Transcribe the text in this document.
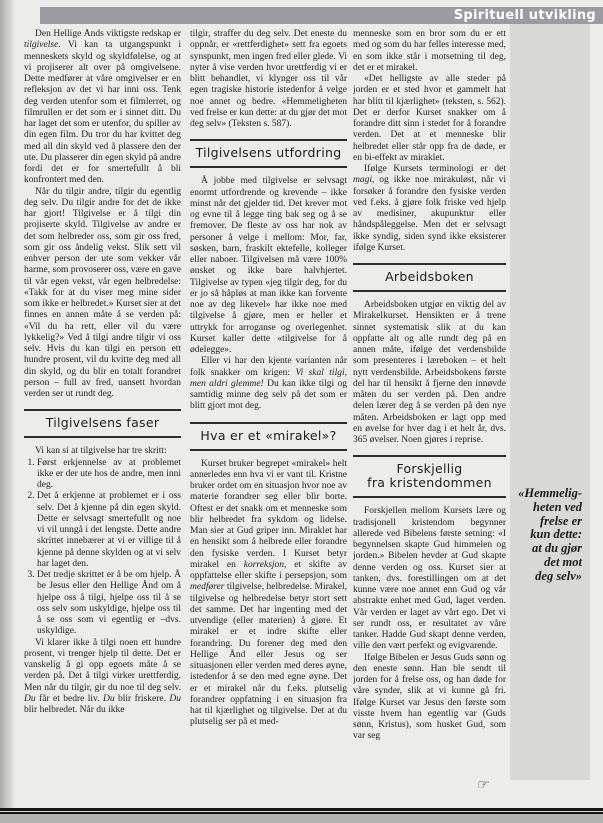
Spirituell utvikling

Den Hellige Ånds viktigste redskap er tilgivelse. Vi kan ta utgangspunkt i menneskets skyld og skyldfølelse, og at vi projiserer alt over på omgivelsene. Dette medfører at våre omgivelser er en refleksjon av det vi har inni oss. Tenk deg verden utenfor som et filmlerret, og filmrullen er det som er i sinnet ditt. Du har laget det som er utenfor, du spiller av din egen film. Du tror du har kvittet deg med all din skyld ved å plassere den der ute. Du plasserer din egen skyld på andre fordi det er for smertefullt å bli konfrontert med den.

Når du tilgir andre, tilgir du egentlig deg selv. Du tilgir andre for det de ikke har gjort! Tilgivelse er å tilgi din projiserte skyld. Tilgivelse av andre er det som helbreder oss, som gir oss fred, som gir oss åndelig vekst. Slik sett vil enhver person der ute som vekker vår harme, som provoserer oss, være en gave til vår egen vekst, vår egen helbredelse: «Takk for at du viser meg mine sider som ikke er helbredet.» Kurset sier at det finnes en annen måte å se verden på: «Vil du ha rett, eller vil du være lykkelig?» Ved å tilgi andre tilgir vi oss selv. Hvis du kan tilgi en person ett hundre prosent, vil du kvitte deg med all din skyld, og du blir en totalt forandret person – full av fred, uansett hvordan verden ser ut rundt deg.

Tilgivelsens faser

Vi kan si at tilgivelse har tre skritt:

1. Først erkjennelse av at problemet ikke er der ute hos de andre, men inni deg.
2. Det å erkjenne at problemet er i oss selv. Det å kjenne på din egen skyld. Dette er selvsagt smertefullt og noe vi vil unngå i det lengste. Dette andre skrittet innebærer at vi er villige til å kjenne på denne skylden og at vi selv har laget den.
3. Det tredje skrittet er å be om hjelp. Å be Jesus eller den Hellige Ånd om å hjelpe oss å tilgi, hjelpe oss til å se oss selv som uskyldige, hjelpe oss til å se oss som vi egentlig er –dvs. uskyldige.

Vi klarer ikke å tilgi noen ett hundre prosent, vi trenger hjelp til dette. Det er vanskelig å gi opp egoets måte å se verden på. Det å tilgi virker urettferdig. Men når du tilgir, gir du noe til deg selv. Du får et bedre liv. Du blir friskere. Du blir helbredet. Når du ikke

tilgir, straffer du deg selv. Det eneste du oppnår, er «rettferdighet» sett fra egoets synspunkt, men ingen fred eller glede. Vi nyter å vise verden hvor urettferdig vi er blitt behandlet, vi klynger oss til vår egen tragiske historie istedenfor å velge noe annet og bedre. «Hemmeligheten ved frelse er kun dette: at du gjør det mot deg selv» (Teksten s. 587).

Tilgivelsens utfordring

Å jobbe med tilgivelse er selvsagt enormt utfordrende og krevende – ikke minst når det gjelder tid. Det krever mot og evne til å legge ting bak seg og å se fremover. De fleste av oss har nok av personer å velge i mellom: Mor, far, søsken, barn, fraskilt ektefelle, kolleger eller naboer. Tilgivelsen må være 100% ønsket og ikke bare halvhjertet. Tilgivelse av typen «jeg tilgir deg, for du er jo så håpløs at man ikke kan forvente noe av deg likevel» har ikke noe med tilgivelse å gjøre, men er heller et uttrykk for arroganse og overlegenhet. Kurset kaller dette «tilgivelse for å ødelegge».

Eller vi har den kjente varianten når folk snakker om krigen: Vi skal tilgi, men aldri glemme! Du kan ikke tilgi og samtidig minne deg selv på det som er blitt gjort mot deg.

Hva er et «mirakel»?

Kurset bruker begrepet «mirakel» helt annerledes enn hva vi er vant til. Kristne bruker ordet om en situasjon hvor noe av materie forandrer seg eller blir borte. Oftest er det snakk om et menneske som blir helbredet fra sykdom og lidelse. Man sier at Gud griper inn. Miraklet har en hensikt som å helbrede eller forandre den fysiske verden. I Kurset betyr mirakel en korreksjon, et skifte av oppfattelse eller skifte i persepsjon, som medfører tilgivelse, helbredelse. Mirakel, tilgivelse og helbredelse betyr stort sett det samme. Det har ingenting med det utvendige (eller materien) å gjøre. Et mirakel er et indre skifte eller forandring. Du forener deg med den Hellige Ånd eller Jesus og ser situasjonen eller verden med deres øyne, istedenfor å se den med egne øyne. Det er et mirakel når du f.eks. plutselig forandrer oppfatning i en situasjon fra hat til kjærlighet og tilgivelse. Det at du plutselig ser på et med-

menneske som en bror som du er ett med og som du har felles interesse med, en som ikke står i motsetning til deg, det er et mirakel.

«Det helligste av alle steder på jorden er et sted hvor et gammelt hat har blitt til kjærlighet» (teksten, s. 562). Det er derfor Kurset snakker om å forandre ditt sinn i stedet for å forandre verden. Det at et menneske blir helbredet eller står opp fra de døde, er en bi-effekt av miraklet.

Ifølge Kursets terminologi er det magi, og ikke noe mirakuløst, når vi forsøker å forandre den fysiske verden ved f.eks. å gjøre folk friske ved hjelp av medisiner, akupunktur eller håndspåleggelse. Men det er selvsagt ikke syndig, siden synd ikke eksisterer ifølge Kurset.

Arbeidsboken

Arbeidsboken utgjør en viktig del av Mirakelkurset. Hensikten er å trene sinnet systematisk slik at du kan oppfatte alt og alle rundt deg på en annen måte, ifølge det verdensbilde som presenteres i læreboken – et helt nytt verdensbilde. Arbeidsbokens første del har til hensikt å fjerne den innøvde måten du ser verden på. Den andre delen lærer deg å se verden på den nye måten. Arbeidsboken er lagt opp med en øvelse for hver dag i et helt år, dvs. 365 øvelser. Noen gjøres i reprise.

Forskjellig
fra kristendommen

Forskjellen mellom Kursets lære og tradisjonell kristendom begynner allerede ved Bibelens første setning: «I begynnelsen skapte Gud himmelen og jorden.» Bibelen hevder at Gud skapte denne verden og oss. Kurset sier at tanken, dvs. forestillingen om at det kunne være noe annet enn Gud og vår abstrakte enhet med Gud, laget verden. Vår verden er laget av vårt ego. Det vi ser rundt oss, er resultatet av våre tanker. Hadde Gud skapt denne verden, ville den vært perfekt og evigvarende.

Ifølge Bibelen er Jesus Guds sønn og den eneste sønn. Han ble sendt til jorden for å frelse oss, og han døde for våre synder, slik at vi kunne gå fri. Ifølge Kurset var Jesus den første som visste hvem han egentlig var (Guds sønn, Kristus), som husket Gud, som var seg

«Hemmelig-
heten ved
frelse er
kun dette:
at du gjør
det mot
deg selv»
☞
